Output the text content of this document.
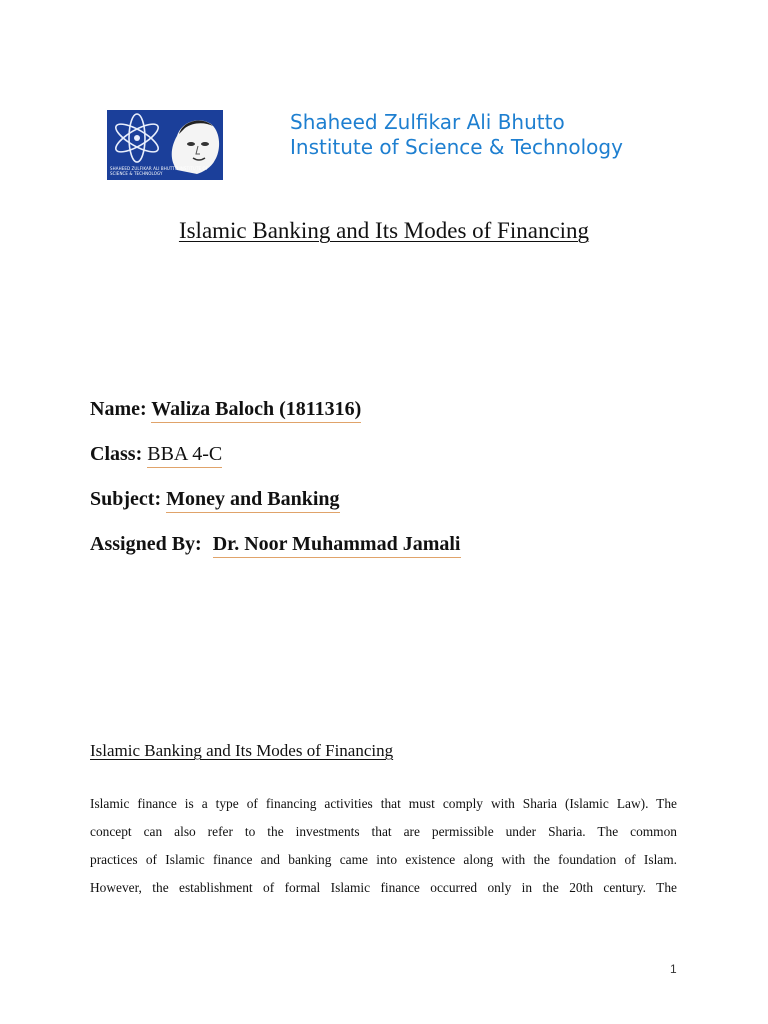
SHAHEED ZULFIKAR ALI BHUTTO INSTITUTE OF SCIENCE & TECHNOLOGY
Shaheed Zulfikar Ali Bhutto
Institute of Science & Technology
Islamic Banking and Its Modes of Financing
Name: Waliza Baloch (1811316)
Class: BBA 4-C
Subject: Money and Banking
Assigned By: Dr. Noor Muhammad Jamali
Islamic Banking and Its Modes of Financing
Islamic finance is a type of financing activities that must comply with Sharia (Islamic Law). The
concept can also refer to the investments that are permissible under Sharia. The common
practices of Islamic finance and banking came into existence along with the foundation of Islam.
However, the establishment of formal Islamic finance occurred only in the 20th century. The
1
